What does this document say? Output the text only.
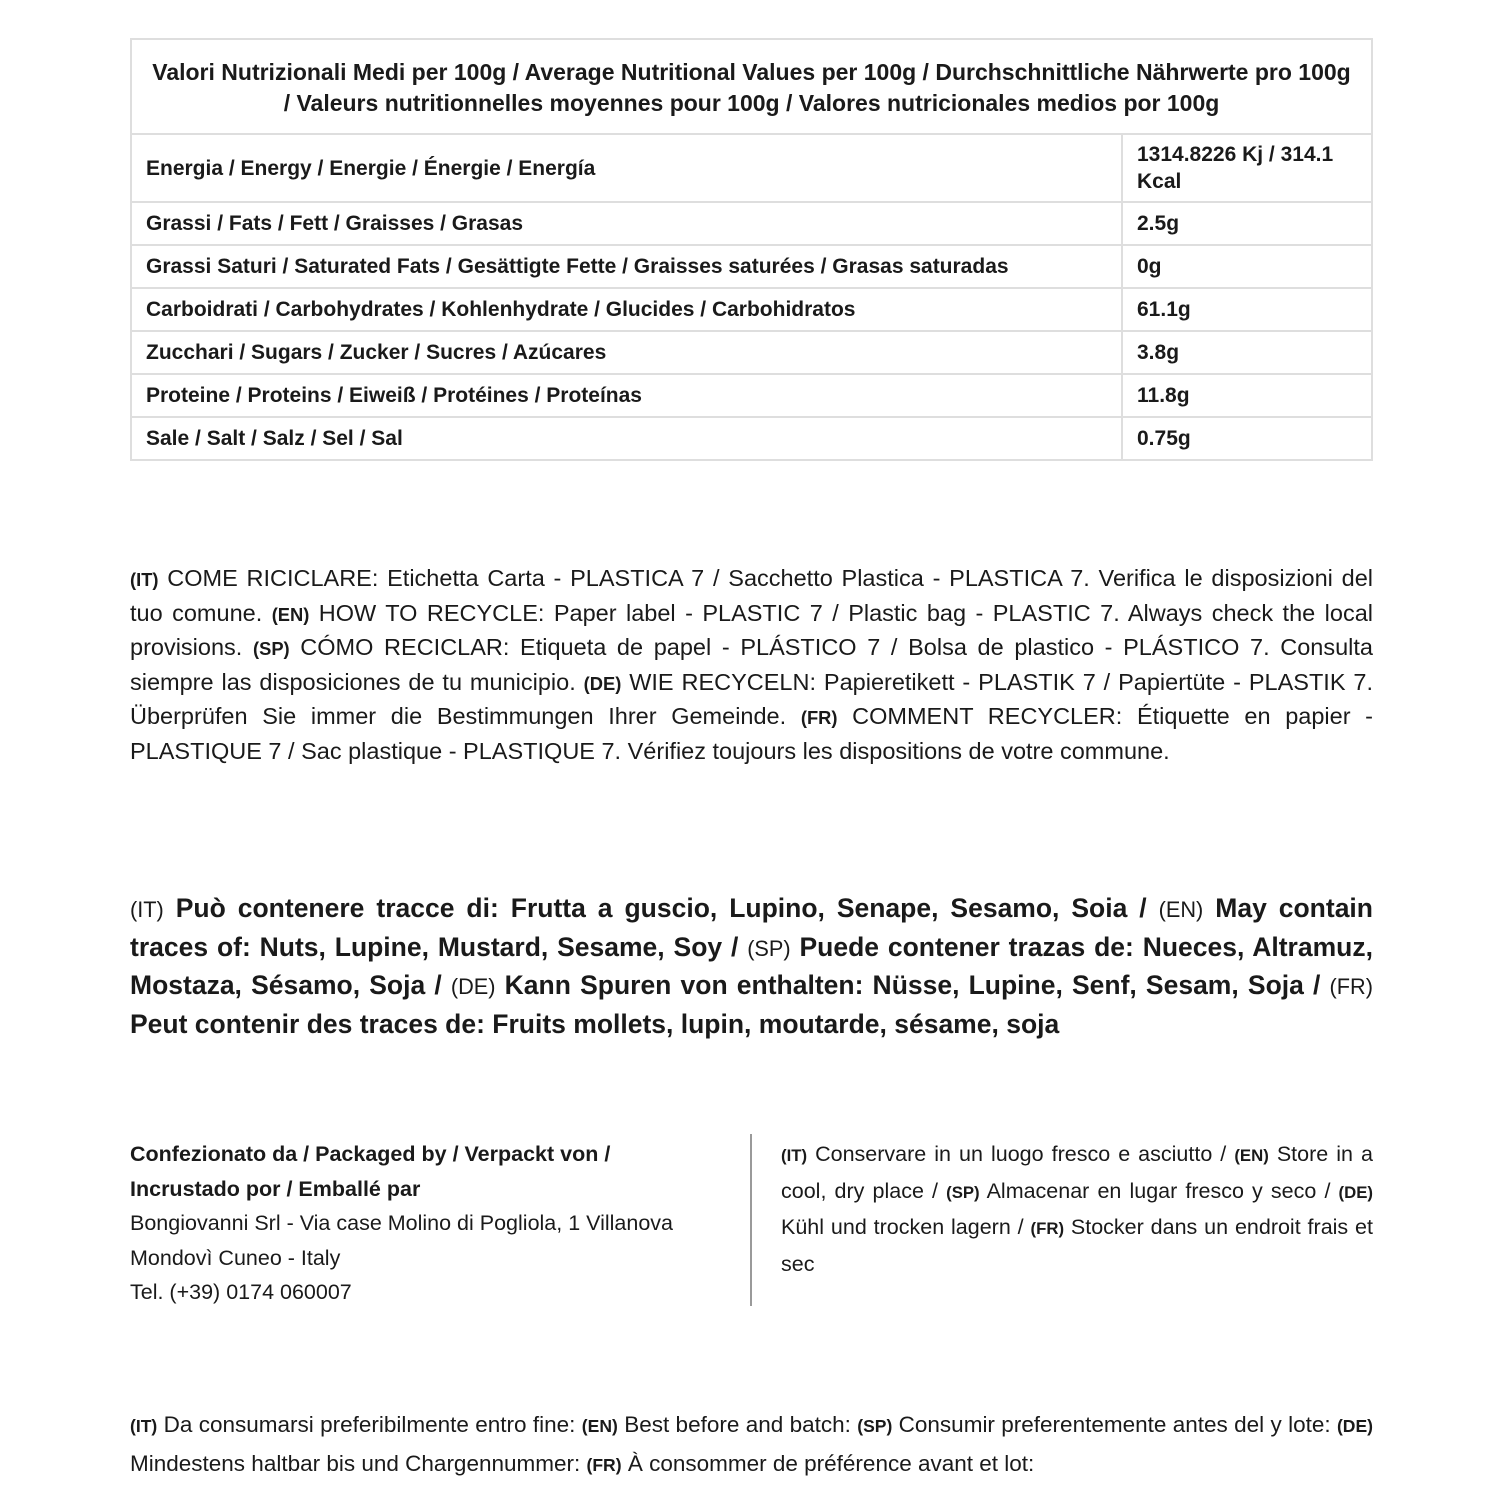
Valori Nutrizionali Medi per 100g / Average Nutritional Values per 100g / Durchschnittliche Nährwerte pro 100g / Valeurs nutritionnelles moyennes pour 100g / Valores nutricionales medios por 100g	
Energia / Energy / Energie / Énergie / Energía	1314.8226 Kj / 314.1 Kcal
Grassi / Fats / Fett / Graisses / Grasas	2.5g
Grassi Saturi / Saturated Fats / Gesättigte Fette / Graisses saturées / Grasas saturadas	0g
Carboidrati / Carbohydrates / Kohlenhydrate / Glucides / Carbohidratos	61.1g
Zucchari / Sugars / Zucker / Sucres / Azúcares	3.8g
Proteine / Proteins / Eiweiß / Protéines / Proteínas	11.8g
Sale / Salt / Salz / Sel / Sal	0.75g

(IT) COME RICICLARE: Etichetta Carta - PLASTICA 7 / Sacchetto Plastica - PLASTICA 7. Verifica le disposizioni del tuo comune. (EN) HOW TO RECYCLE: Paper label - PLASTIC 7 / Plastic bag - PLASTIC 7. Always check the local provisions. (SP) CÓMO RECICLAR: Etiqueta de papel - PLÁSTICO 7 / Bolsa de plastico - PLÁSTICO 7. Consulta siempre las disposiciones de tu municipio. (DE) WIE RECYCELN: Papieretikett - PLASTIK 7 / Papiertüte - PLASTIK 7. Überprüfen Sie immer die Bestimmungen Ihrer Gemeinde. (FR) COMMENT RECYCLER: Étiquette en papier - PLASTIQUE 7 / Sac plastique - PLASTIQUE 7. Vérifiez toujours les dispositions de votre commune.

(IT) Può contenere tracce di: Frutta a guscio, Lupino, Senape, Sesamo, Soia / (EN) May contain traces of: Nuts, Lupine, Mustard, Sesame, Soy / (SP) Puede contener trazas de: Nueces, Altramuz, Mostaza, Sésamo, Soja / (DE) Kann Spuren von enthalten: Nüsse, Lupine, Senf, Sesam, Soja / (FR) Peut contenir des traces de: Fruits mollets, lupin, moutarde, sésame, soja

Confezionato da / Packaged by / Verpackt von /
Incrustado por / Emballé par
Bongiovanni Srl - Via case Molino di Pogliola, 1 Villanova
Mondovì Cuneo - Italy
Tel. (+39) 0174 060007

(IT) Conservare in un luogo fresco e asciutto / (EN) Store in a cool, dry place / (SP) Almacenar en lugar fresco y seco / (DE) Kühl und trocken lagern / (FR) Stocker dans un endroit frais et sec

(IT) Da consumarsi preferibilmente entro fine: (EN) Best before and batch: (SP) Consumir preferentemente antes del y lote: (DE) Mindestens haltbar bis und Chargennummer: (FR) À consommer de préférence avant et lot:
